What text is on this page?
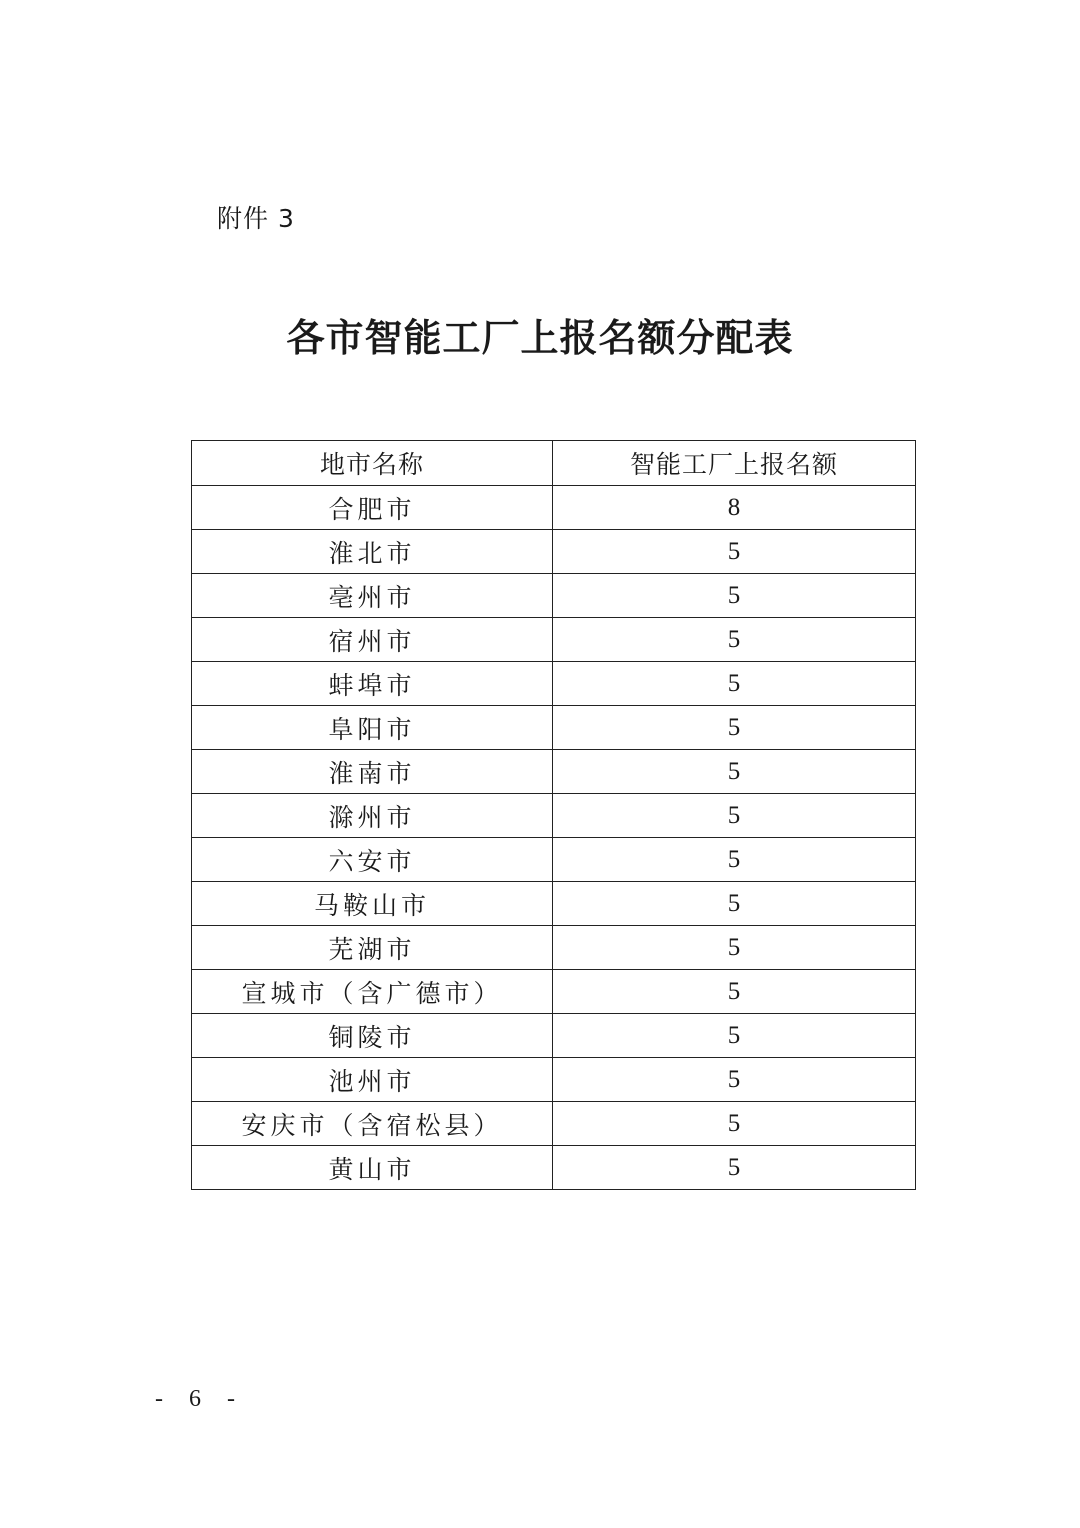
附件 3
各市智能工厂上报名额分配表
地市名称	智能工厂上报名额
合肥市	8
淮北市	5
亳州市	5
宿州市	5
蚌埠市	5
阜阳市	5
淮南市	5
滁州市	5
六安市	5
马鞍山市	5
芜湖市	5
宣城市（含广德市）	5
铜陵市	5
池州市	5
安庆市（含宿松县）	5
黄山市	5
- 6 -
